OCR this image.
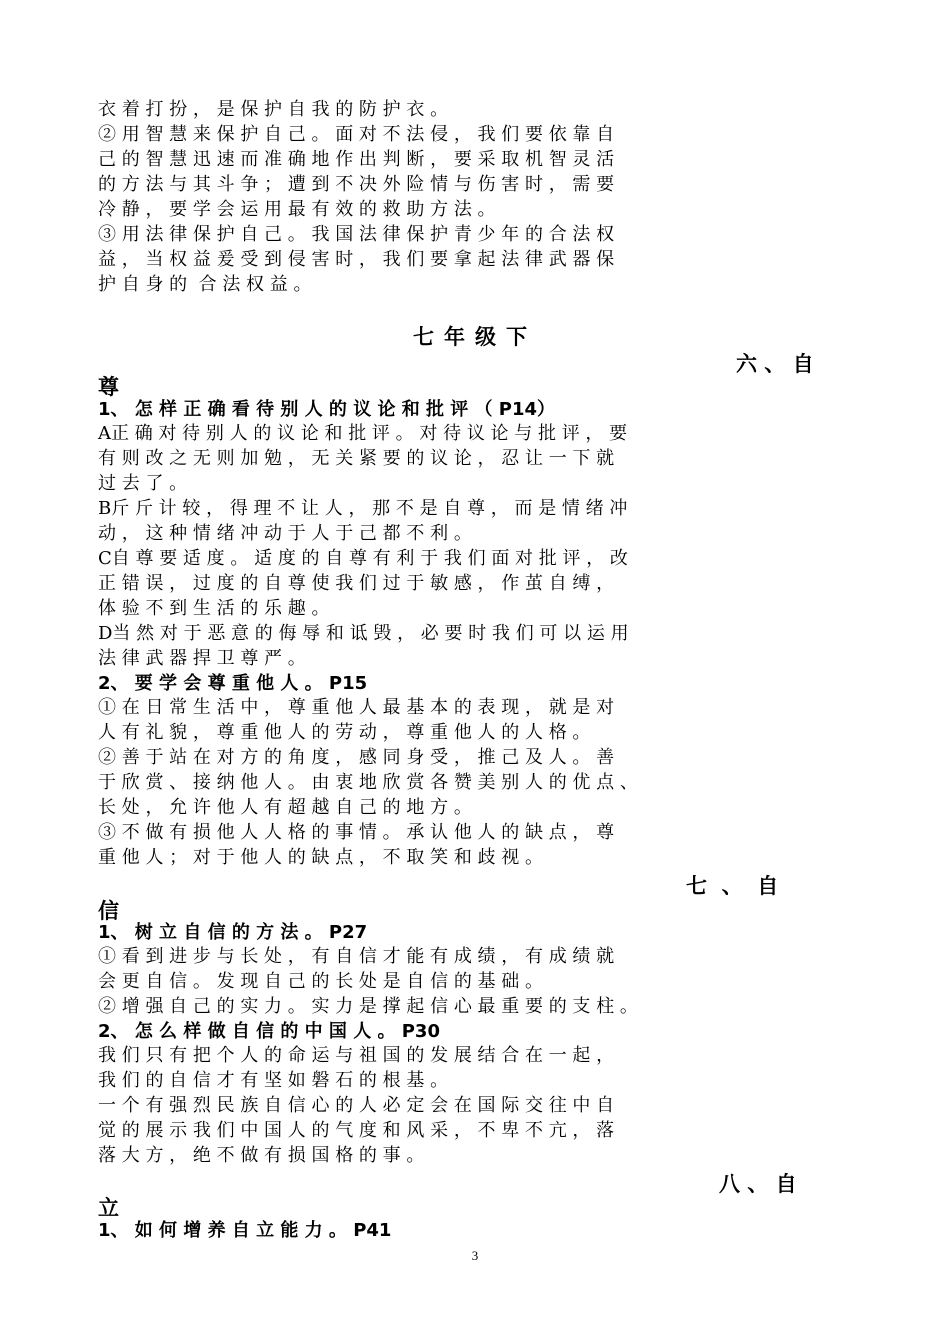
衣 着 打 扮 ， 是 保 护 自 我 的 防 护 衣 。
② 用 智 慧 来 保 护 自 己 。 面 对 不 法 侵 ， 我 们 要 依 靠 自
己 的 智 慧 迅 速 而 准 确 地 作 出 判 断 ， 要 采 取 机 智 灵 活
的 方 法 与 其 斗 争 ； 遭 到 不 决 外 险 情 与 伤 害 时 ， 需 要
冷 静 ， 要 学 会 运 用 最 有 效 的 救 助 方 法 。
③ 用 法 律 保 护 自 己 。 我 国 法 律 保 护 青 少 年 的 合 法 权
益 ， 当 权 益 爰 受 到 侵 害 时 ， 我 们 要 拿 起 法 律 武 器 保
护 自 身 的  合 法 权 益 。
七年级下
六 、 自
尊
1、 怎 样 正 确 看 待 别 人 的 议 论 和 批 评 （ P14）
A正 确 对 待 别 人 的 议 论 和 批 评 。 对 待 议 论 与 批 评 ， 要
有 则 改 之 无 则 加 勉 ， 无 关 紧 要 的 议 论 ， 忍 让 一 下 就
过 去 了 。
B斤 斤 计 较 ， 得 理 不 让 人 ， 那 不 是 自 尊 ， 而 是 情 绪 冲
动 ， 这 种 情 绪 冲 动 于 人 于 己 都 不 利 。
C自 尊 要 适 度 。 适 度 的 自 尊 有 利 于 我 们 面 对 批 评 ， 改
正 错 误 ， 过 度 的 自 尊 使 我 们 过 于 敏 感 ， 作 茧 自 缚 ，
体 验 不 到 生 活 的 乐 趣 。
D当 然 对 于 恶 意 的 侮 辱 和 诋 毁 ， 必 要 时 我 们 可 以 运 用
法 律 武 器 捍 卫 尊 严 。
2、 要 学 会 尊 重 他 人 。 P15
① 在 日 常 生 活 中 ， 尊 重 他 人 最 基 本 的 表 现 ， 就 是 对
人 有 礼 貌 ， 尊 重 他 人 的 劳 动 ， 尊 重 他 人 的 人 格 。
② 善 于 站 在 对 方 的 角 度 ， 感 同 身 受 ， 推 己 及 人 。 善
于 欣 赏 、 接 纳 他 人 。 由 衷 地 欣 赏 各 赞 美 别 人 的 优 点 、
长 处 ， 允 许 他 人 有 超 越 自 己 的 地 方 。
③ 不 做 有 损 他 人 人 格 的 事 情 。 承 认 他 人 的 缺 点 ， 尊
重 他 人 ； 对 于 他 人 的 缺 点 ， 不 取 笑 和 歧 视 。
七  、  自
信
1、 树 立 自 信 的 方 法 。 P27
① 看 到 进 步 与 长 处 ， 有 自 信 才 能 有 成 绩 ， 有 成 绩 就
会 更 自 信 。 发 现 自 己 的 长 处 是 自 信 的 基 础 。
② 增 强 自 己 的 实 力 。 实 力 是 撑 起 信 心 最 重 要 的 支 柱 。
2、 怎 么 样 做 自 信 的 中 国 人 。 P30
我 们 只 有 把 个 人 的 命 运 与 祖 国 的 发 展 结 合 在 一 起 ，
我 们 的 自 信 才 有 坚 如 磐 石 的 根 基 。
一 个 有 强 烈 民 族 自 信 心 的 人 必 定 会 在 国 际 交 往 中 自
觉 的 展 示 我 们 中 国 人 的 气 度 和 风 采 ， 不 卑 不 亢 ， 落
落 大 方 ， 绝 不 做 有 损 国 格 的 事 。
八 、 自
立
1、 如 何 增 养 自 立 能 力 。 P41
3
